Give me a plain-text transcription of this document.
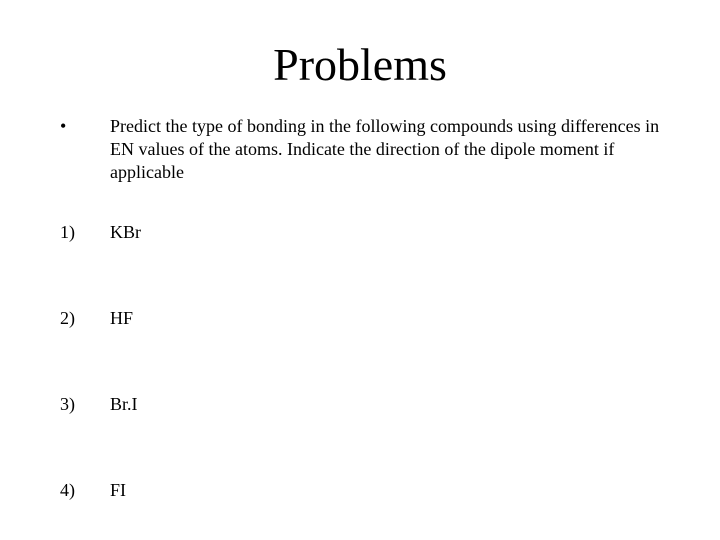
Problems
• Predict the type of bonding in the following compounds using differences in EN values of the atoms. Indicate the direction of the dipole moment if applicable
1) KBr
2) HF
3) Br.I
4) FI
